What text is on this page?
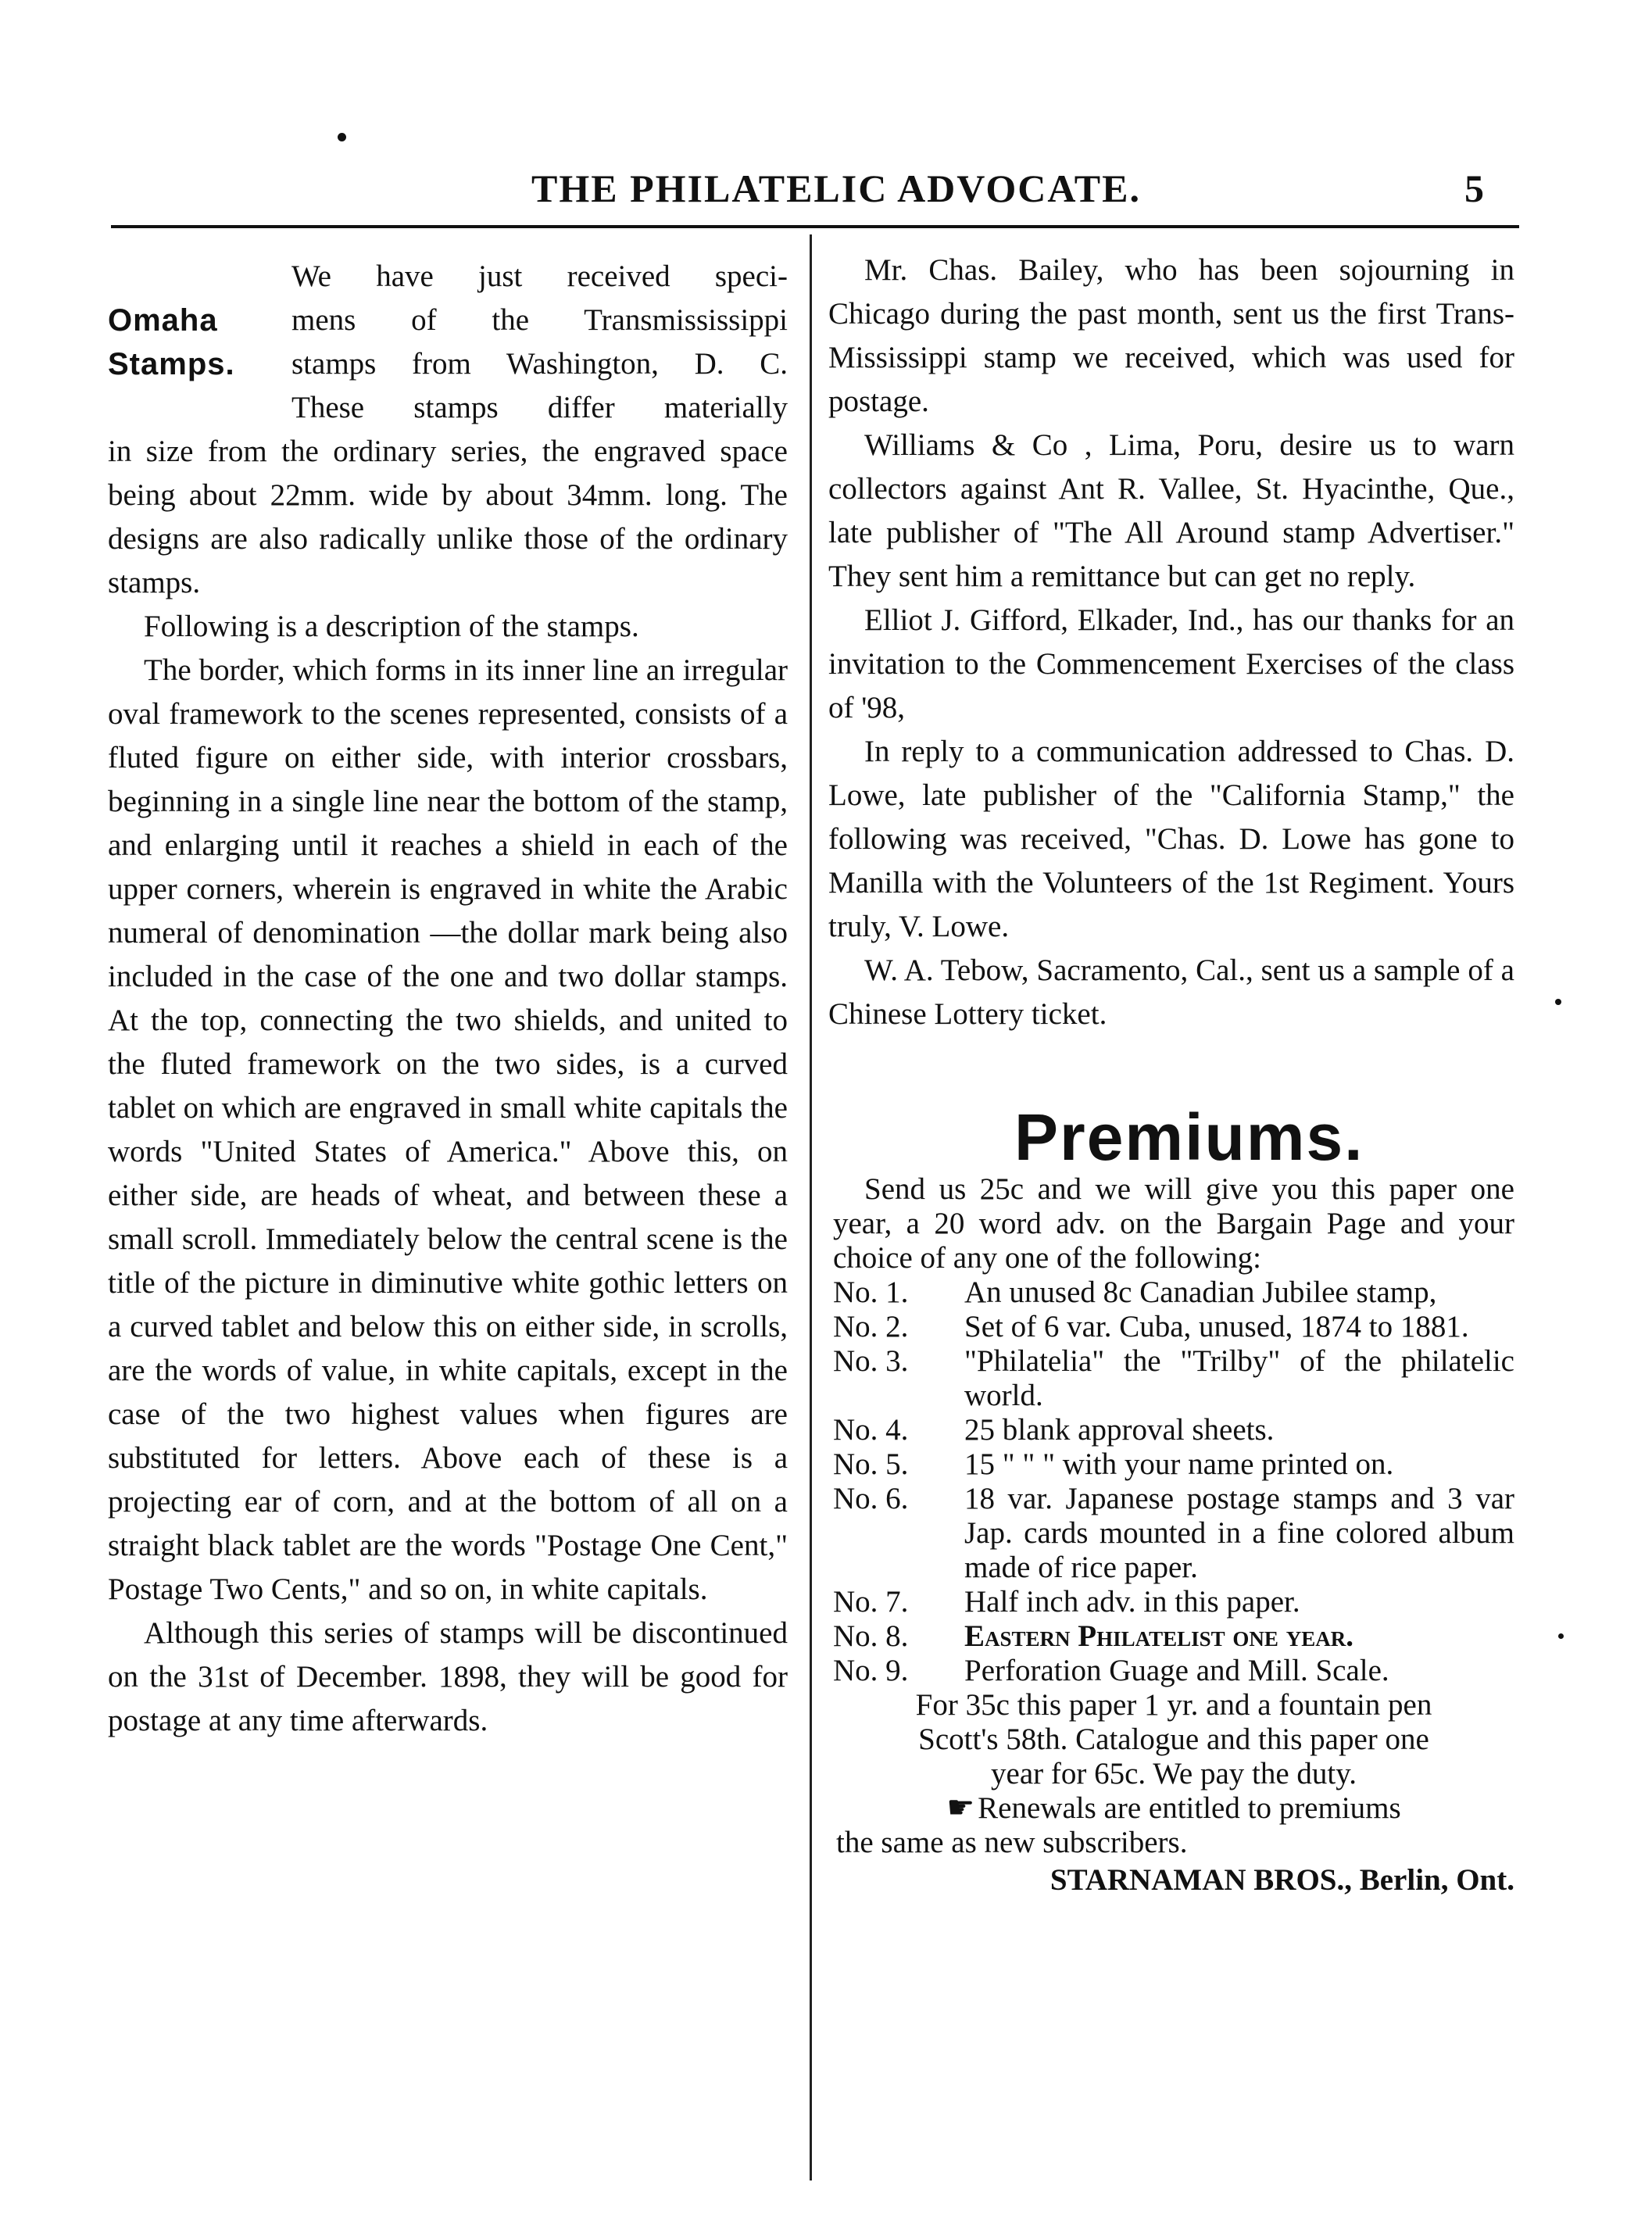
THE PHILATELIC ADVOCATE.	5
Omaha
Stamps.
We have just received speci-
mens of the Transmississippi
stamps from Washington, D. C.
These stamps differ materially

in size from the ordinary series, the engraved space being about 22mm. wide by about 34mm. long. The designs are also radically unlike those of the ordinary stamps.

Following is a description of the stamps.

The border, which forms in its inner line an irregular oval framework to the scenes represented, consists of a fluted figure on either side, with interior crossbars, beginning in a single line near the bottom of the stamp, and enlarging until it reaches a shield in each of the upper corners, wherein is engraved in white the Arabic numeral of denomination —the dollar mark being also included in the case of the one and two dollar stamps. At the top, connecting the two shields, and united to the fluted framework on the two sides, is a curved tablet on which are engraved in small white capitals the words "United States of America." Above this, on either side, are heads of wheat, and between these a small scroll. Immediately below the central scene is the title of the picture in diminutive white gothic letters on a curved tablet and below this on either side, in scrolls, are the words of value, in white capitals, except in the case of the two highest values when figures are substituted for letters. Above each of these is a projecting ear of corn, and at the bottom of all on a straight black tablet are the words "Postage One Cent," Postage Two Cents," and so on, in white capitals.

Although this series of stamps will be discontinued on the 31st of December. 1898, they will be good for postage at any time afterwards.

Mr. Chas. Bailey, who has been sojourning in Chicago during the past month, sent us the first Trans-Mississippi stamp we received, which was used for postage.

Williams & Co , Lima, Poru, desire us to warn collectors against Ant R. Vallee, St. Hyacinthe, Que., late publisher of "The All Around stamp Advertiser." They sent him a remittance but can get no reply.

Elliot J. Gifford, Elkader, Ind., has our thanks for an invitation to the Commencement Exercises of the class of '98,

In reply to a communication addressed to Chas. D. Lowe, late publisher of the "California Stamp," the following was received, "Chas. D. Lowe has gone to Manilla with the Volunteers of the 1st Regiment. Yours truly, V. Lowe.

W. A. Tebow, Sacramento, Cal., sent us a sample of a Chinese Lottery ticket.

Premiums.

Send us 25c and we will give you this paper one year, a 20 word adv. on the Bargain Page and your choice of any one of the following:

No. 1.	An unused 8c Canadian Jubilee stamp,
No. 2.	Set of 6 var. Cuba, unused, 1874 to 1881.
No. 3.	"Philatelia" the "Trilby" of the philatelic world.
No. 4.	25 blank approval sheets.
No. 5.	15 " " " with your name printed on.
No. 6.	18 var. Japanese postage stamps and 3 var Jap. cards mounted in a fine colored album made of rice paper.
No. 7.	Half inch adv. in this paper.
No. 8.	Eastern Philatelist one year.
No. 9.	Perforation Guage and Mill. Scale.

For 35c this paper 1 yr. and a fountain pen

Scott's 58th. Catalogue and this paper one

year for 65c. We pay the duty.

☛ Renewals are entitled to premiums

the same as new subscribers.

STARNAMAN BROS., Berlin, Ont.
